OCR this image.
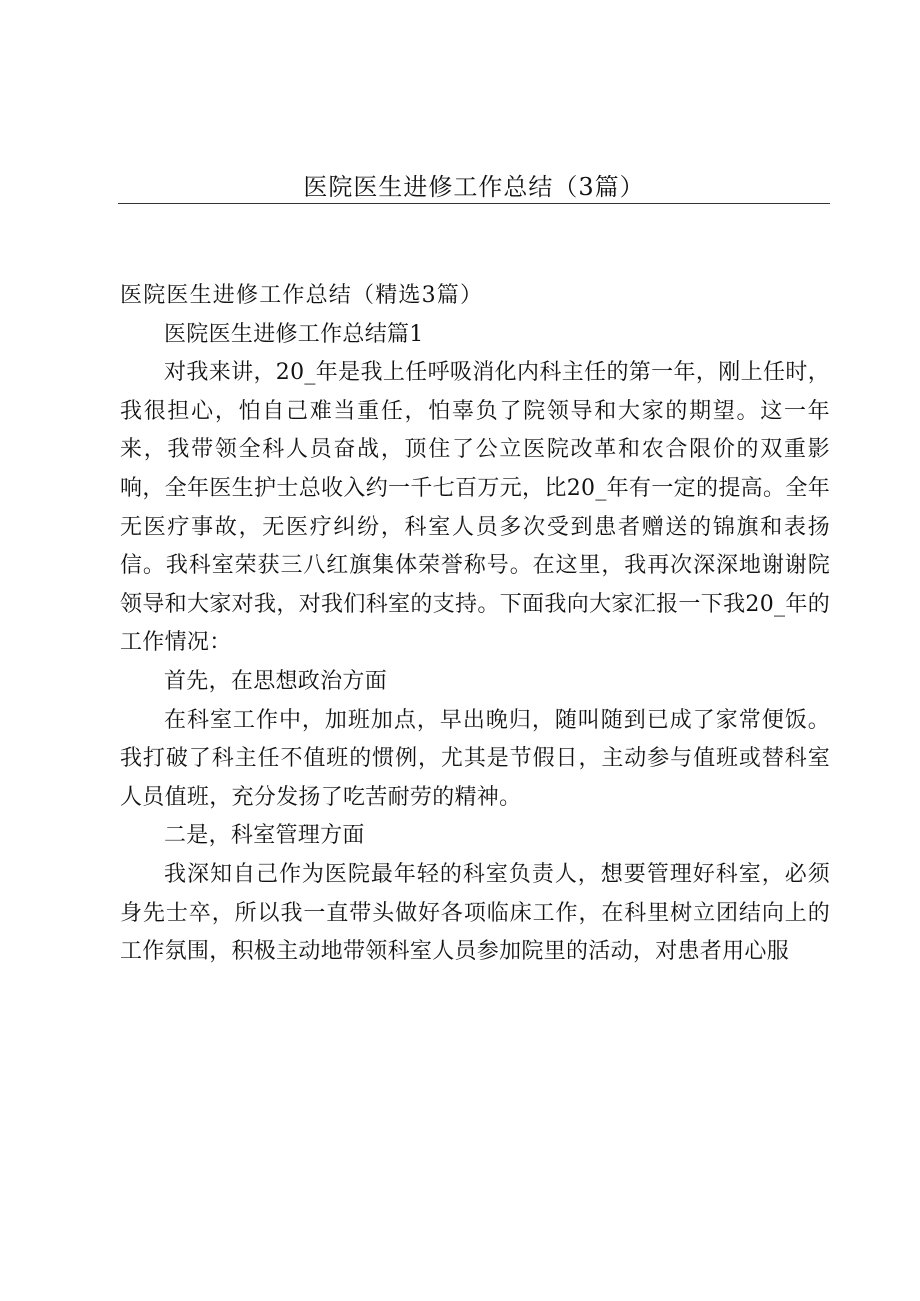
医院医生进修工作总结（3篇）

医院医生进修工作总结（精选3篇）

医院医生进修工作总结篇1

对我来讲，20_年是我上任呼吸消化内科主任的第一年，刚上任时，我很担心，怕自己难当重任，怕辜负了院领导和大家的期望。这一年来，我带领全科人员奋战，顶住了公立医院改革和农合限价的双重影响，全年医生护士总收入约一千七百万元，比20_年有一定的提高。全年无医疗事故，无医疗纠纷，科室人员多次受到患者赠送的锦旗和表扬信。我科室荣获三八红旗集体荣誉称号。在这里，我再次深深地谢谢院领导和大家对我，对我们科室的支持。下面我向大家汇报一下我20_年的工作情况：

首先，在思想政治方面

在科室工作中，加班加点，早出晚归，随叫随到已成了家常便饭。我打破了科主任不值班的惯例，尤其是节假日，主动参与值班或替科室人员值班，充分发扬了吃苦耐劳的精神。

二是，科室管理方面

我深知自己作为医院最年轻的科室负责人，想要管理好科室，必须身先士卒，所以我一直带头做好各项临床工作，在科里树立团结向上的工作氛围，积极主动地带领科室人员参加院里的活动，对患者用心服
